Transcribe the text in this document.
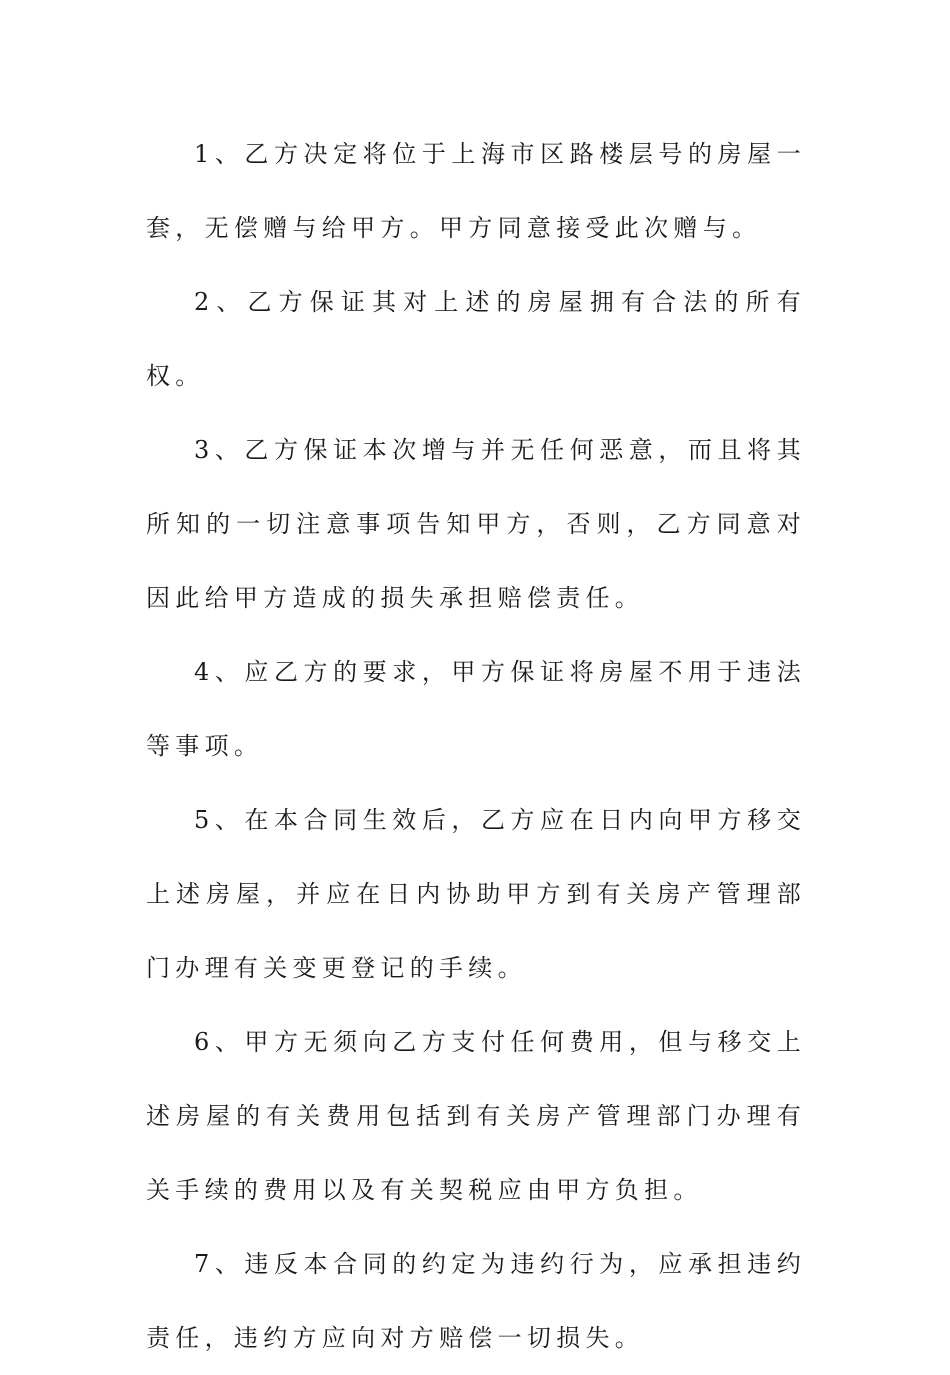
1、乙方决定将位于上海市区路楼层号的房屋一套，无偿赠与给甲方。甲方同意接受此次赠与。

2、乙方保证其对上述的房屋拥有合法的所有权。

3、乙方保证本次增与并无任何恶意，而且将其所知的一切注意事项告知甲方，否则，乙方同意对因此给甲方造成的损失承担赔偿责任。

4、应乙方的要求，甲方保证将房屋不用于违法等事项。

5、在本合同生效后，乙方应在日内向甲方移交上述房屋，并应在日内协助甲方到有关房产管理部门办理有关变更登记的手续。

6、甲方无须向乙方支付任何费用，但与移交上述房屋的有关费用包括到有关房产管理部门办理有关手续的费用以及有关契税应由甲方负担。

7、违反本合同的约定为违约行为，应承担违约责任，违约方应向对方赔偿一切损失。
